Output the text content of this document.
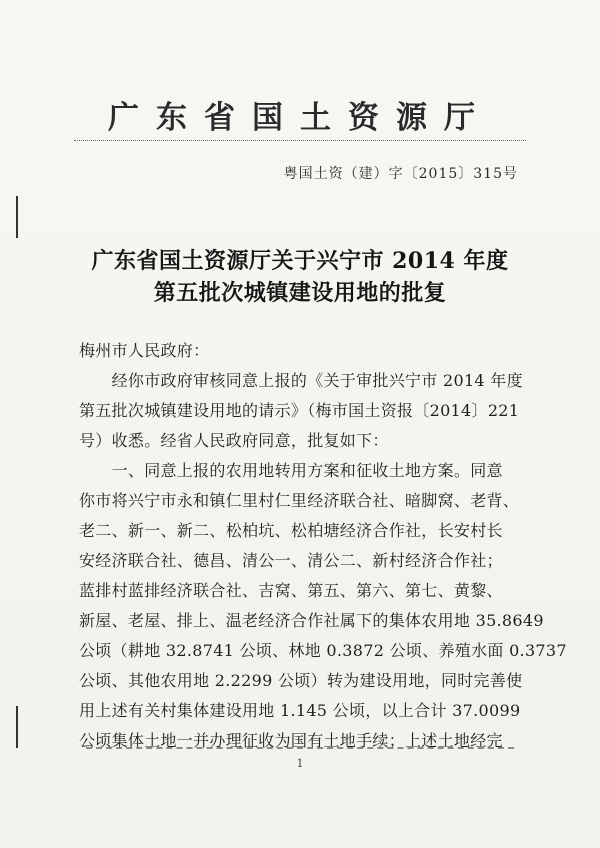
广东省国土资源厅
粤国土资（建）字〔2015〕315号
广东省国土资源厅关于兴宁市 2014 年度
第五批次城镇建设用地的批复
梅州市人民政府：
　　经你市政府审核同意上报的《关于审批兴宁市 2014 年度
第五批次城镇建设用地的请示》（梅市国土资报〔2014〕221
号）收悉。经省人民政府同意，批复如下：
　　一、同意上报的农用地转用方案和征收土地方案。同意
你市将兴宁市永和镇仁里村仁里经济联合社、暗脚窝、老背、
老二、新一、新二、松柏坑、松柏塘经济合作社，长安村长
安经济联合社、德昌、清公一、清公二、新村经济合作社；
蓝排村蓝排经济联合社、吉窝、第五、第六、第七、黄黎、
新屋、老屋、排上、温老经济合作社属下的集体农用地 35.8649
公顷（耕地 32.8741 公顷、林地 0.3872 公顷、养殖水面 0.3737
公顷、其他农用地 2.2299 公顷）转为建设用地，同时完善使
用上述有关村集体建设用地 1.145 公顷，以上合计 37.0099
公顷集体土地一并办理征收为国有土地手续；上述土地经完
1
